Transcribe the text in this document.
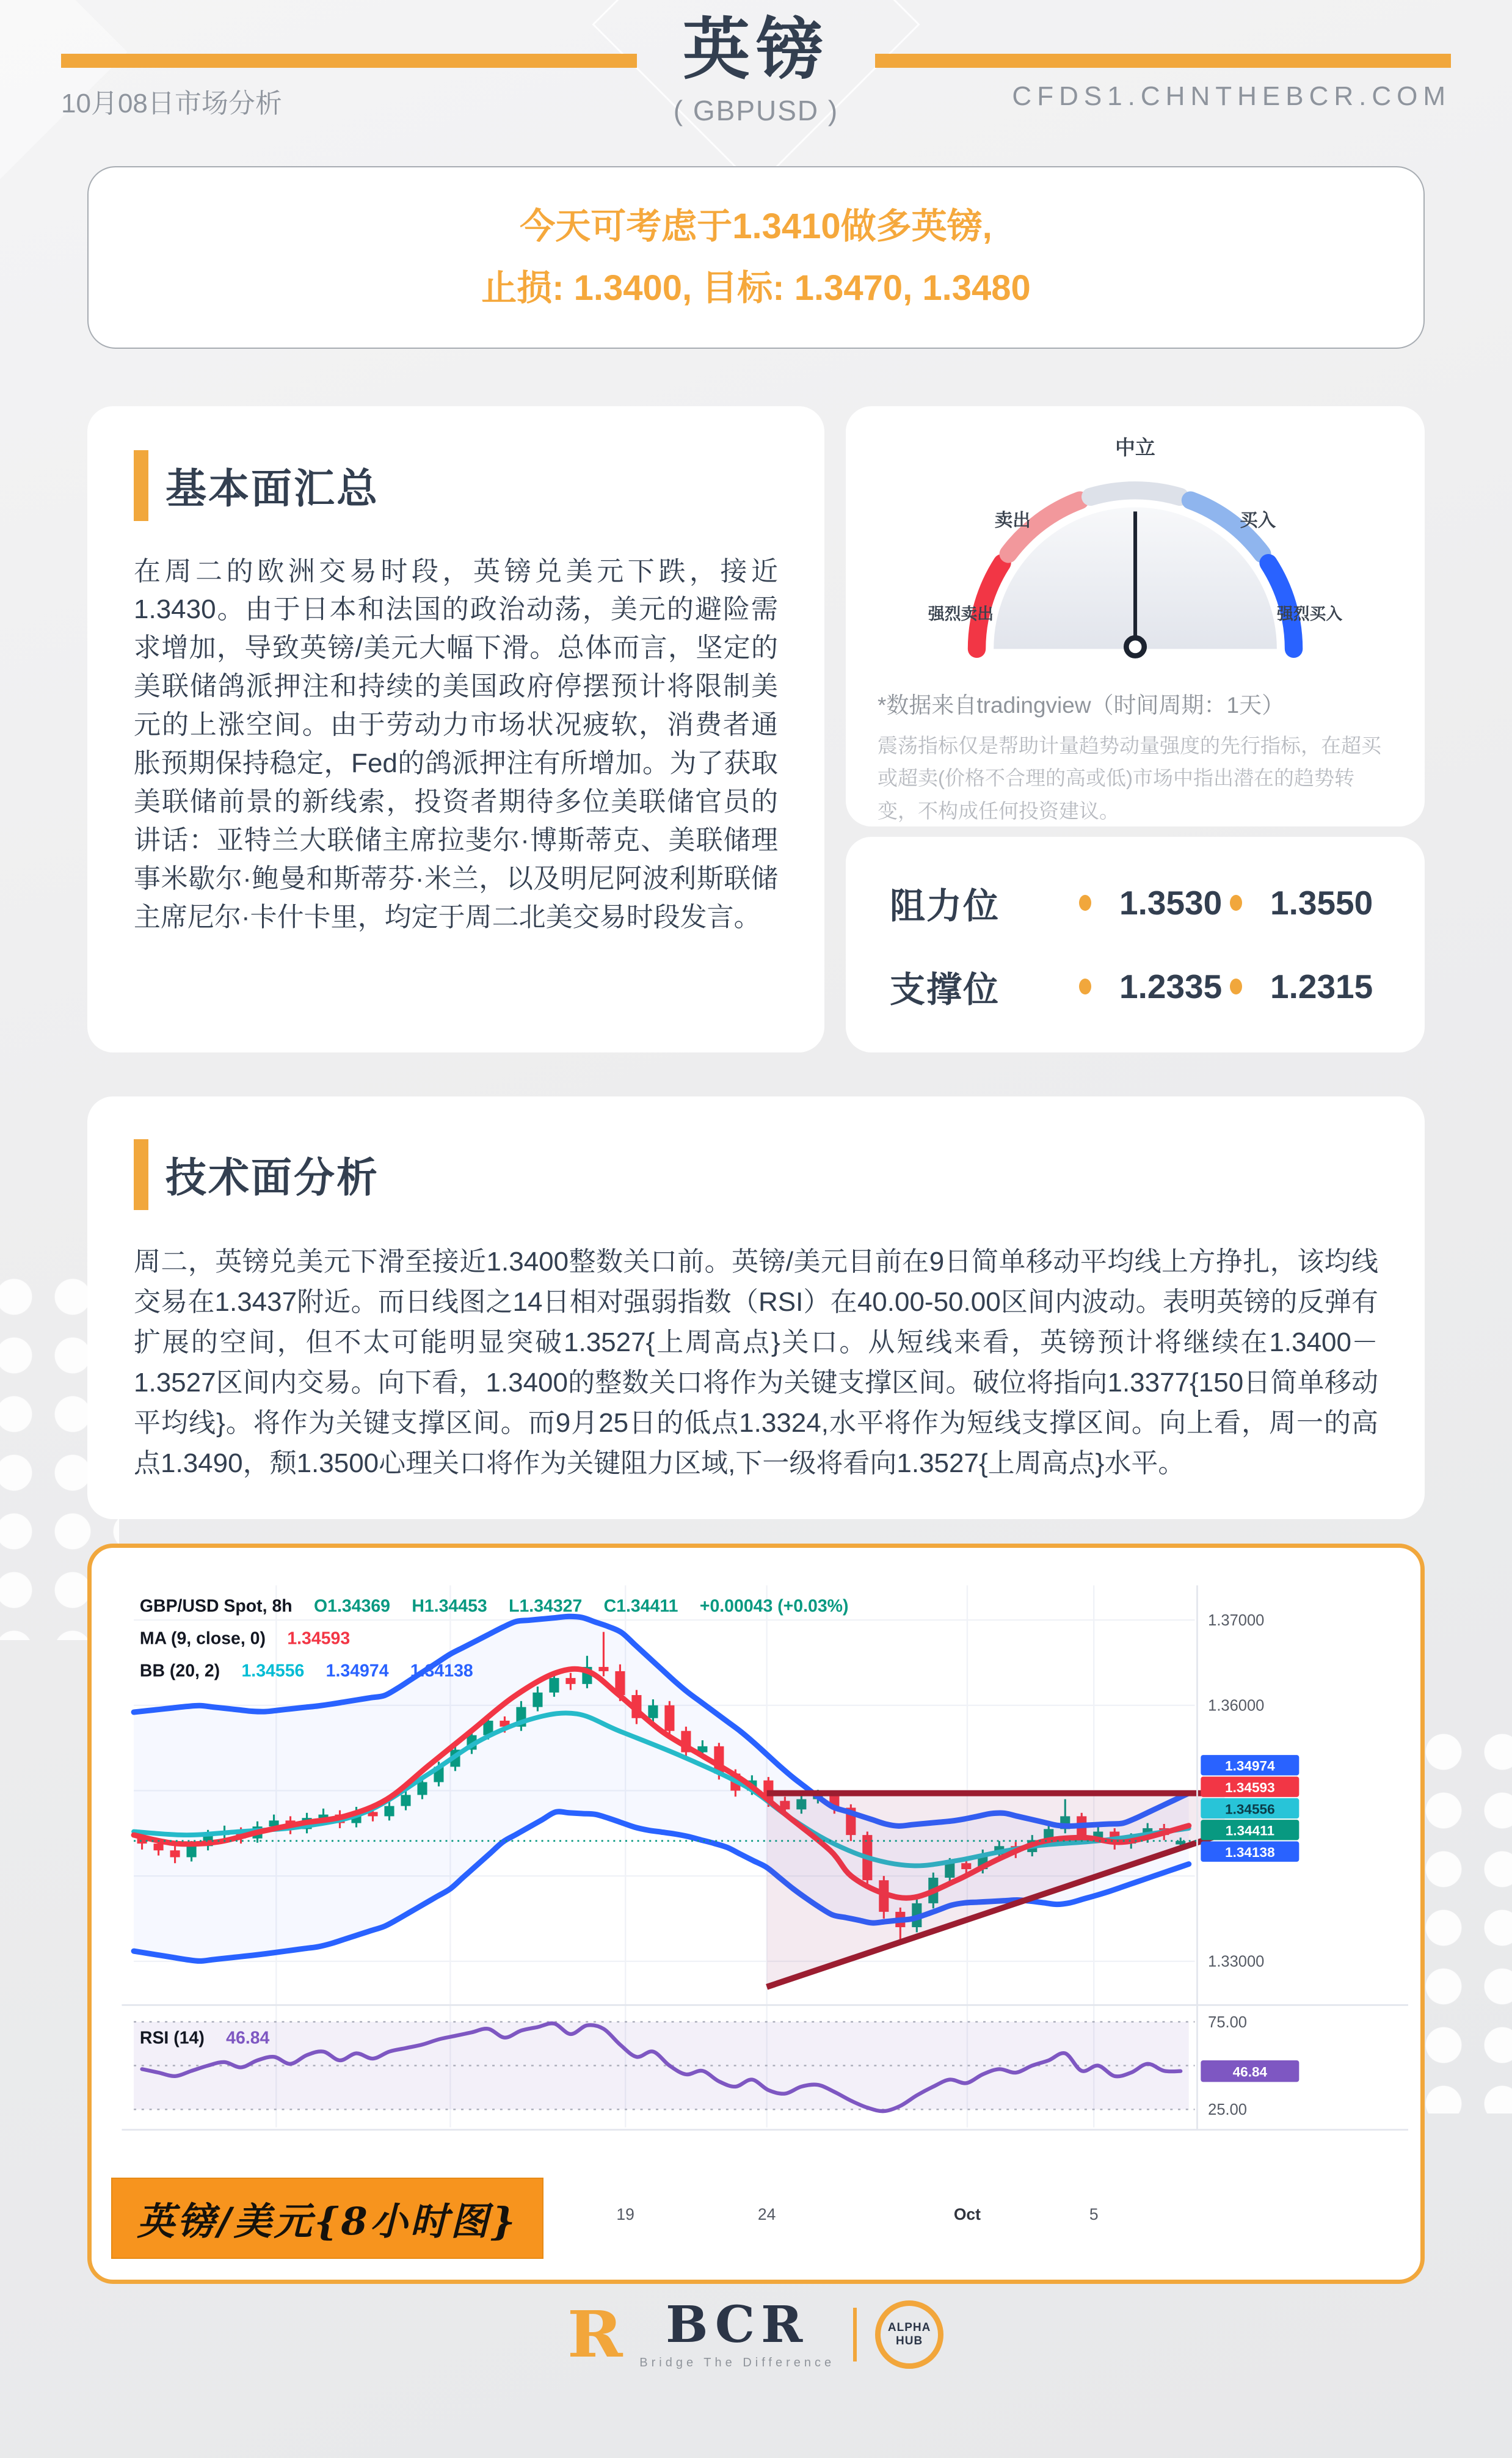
10月08日市场分析
英镑
( GBPUSD )	CFDS1.CHNTHEBCR.COM

今天可考虑于1.3410做多英镑,

止损: 1.3400, 目标: 1.3470, 1.3480

基本面汇总
在周二的欧洲交易时段，英镑兑美元下跌，接近1.3430。由于日本和法国的政治动荡，美元的避险需求增加，导致英镑/美元大幅下滑。总体而言，坚定的美联储鸽派押注和持续的美国政府停摆预计将限制美元的上涨空间。由于劳动力市场状况疲软，消费者通胀预期保持稳定，Fed的鸽派押注有所增加。为了获取美联储前景的新线索，投资者期待多位美联储官员的讲话：亚特兰大联储主席拉斐尔·博斯蒂克、美联储理事米歇尔·鲍曼和斯蒂芬·米兰，以及明尼阿波利斯联储主席尼尔·卡什卡里，均定于周二北美交易时段发言。
中立
卖出	买入
强烈卖出	强烈买入
*数据来自tradingview（时间周期：1天）
震荡指标仅是帮助计量趋势动量强度的先行指标，在超买或超卖(价格不合理的高或低)市场中指出潜在的趋势转变，不构成任何投资建议。
阻力位	1.3530 1.3550
支撑位	1.2335 1.2315
技术面分析
周二，英镑兑美元下滑至接近1.3400整数关口前。英镑/美元目前在9日简单移动平均线上方挣扎，该均线交易在1.3437附近。而日线图之14日相对强弱指数（RSI）在40.00-50.00区间内波动。表明英镑的反弹有扩展的空间，但不太可能明显突破1.3527{上周高点}关口。从短线来看，英镑预计将继续在1.3400－1.3527区间内交易。向下看，1.3400的整数关口将作为关键支撑区间。破位将指向1.3377{150日简单移动平均线}。将作为关键支撑区间。而9月25日的低点1.3324,水平将作为短线支撑区间。向上看，周一的高点1.3490，颓1.3500心理关口将作为关键阻力区域,下一级将看向1.3527{上周高点}水平。
1.37000
1.36000
1.33000
75.00
25.00
1.34974
1.34593
1.34556
1.34411
1.34138
46.84
19	24	Oct	5
GBP/USD Spot, 8h O1.34369 H1.34453 L1.34327 C1.34411 +0.00043 (+0.03%)
MA (9, close, 0) 1.34593
BB (20, 2) 1.34556 1.34974 1.34138
RSI (14) 46.84
英镑/美元{8小时图}
R BCR
Bridge The Difference
ALPHA
HUB
